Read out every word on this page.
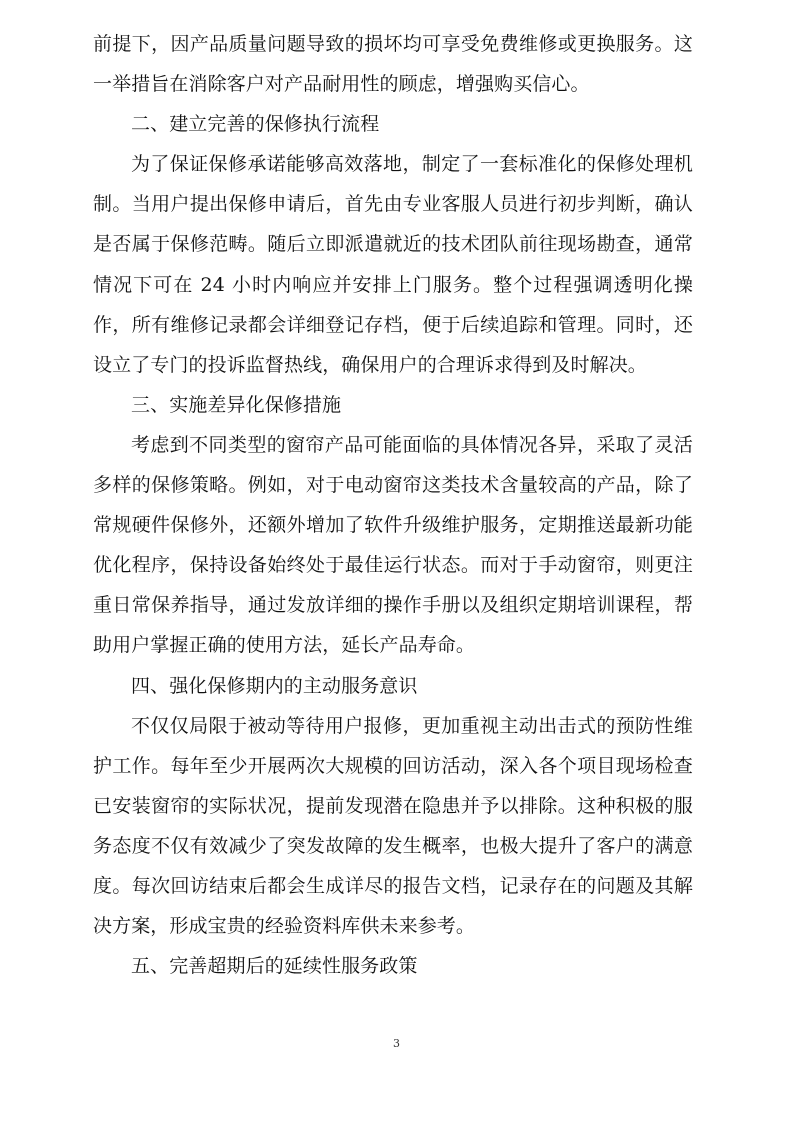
前提下，因产品质量问题导致的损坏均可享受免费维修或更换服务。这一举措旨在消除客户对产品耐用性的顾虑，增强购买信心。

二、建立完善的保修执行流程

为了保证保修承诺能够高效落地，制定了一套标准化的保修处理机制。当用户提出保修申请后，首先由专业客服人员进行初步判断，确认是否属于保修范畴。随后立即派遣就近的技术团队前往现场勘查，通常情况下可在 24 小时内响应并安排上门服务。整个过程强调透明化操作，所有维修记录都会详细登记存档，便于后续追踪和管理。同时，还设立了专门的投诉监督热线，确保用户的合理诉求得到及时解决。

三、实施差异化保修措施

考虑到不同类型的窗帘产品可能面临的具体情况各异，采取了灵活多样的保修策略。例如，对于电动窗帘这类技术含量较高的产品，除了常规硬件保修外，还额外增加了软件升级维护服务，定期推送最新功能优化程序，保持设备始终处于最佳运行状态。而对于手动窗帘，则更注重日常保养指导，通过发放详细的操作手册以及组织定期培训课程，帮助用户掌握正确的使用方法，延长产品寿命。

四、强化保修期内的主动服务意识

不仅仅局限于被动等待用户报修，更加重视主动出击式的预防性维护工作。每年至少开展两次大规模的回访活动，深入各个项目现场检查已安装窗帘的实际状况，提前发现潜在隐患并予以排除。这种积极的服务态度不仅有效减少了突发故障的发生概率，也极大提升了客户的满意度。每次回访结束后都会生成详尽的报告文档，记录存在的问题及其解决方案，形成宝贵的经验资料库供未来参考。

五、完善超期后的延续性服务政策

3
